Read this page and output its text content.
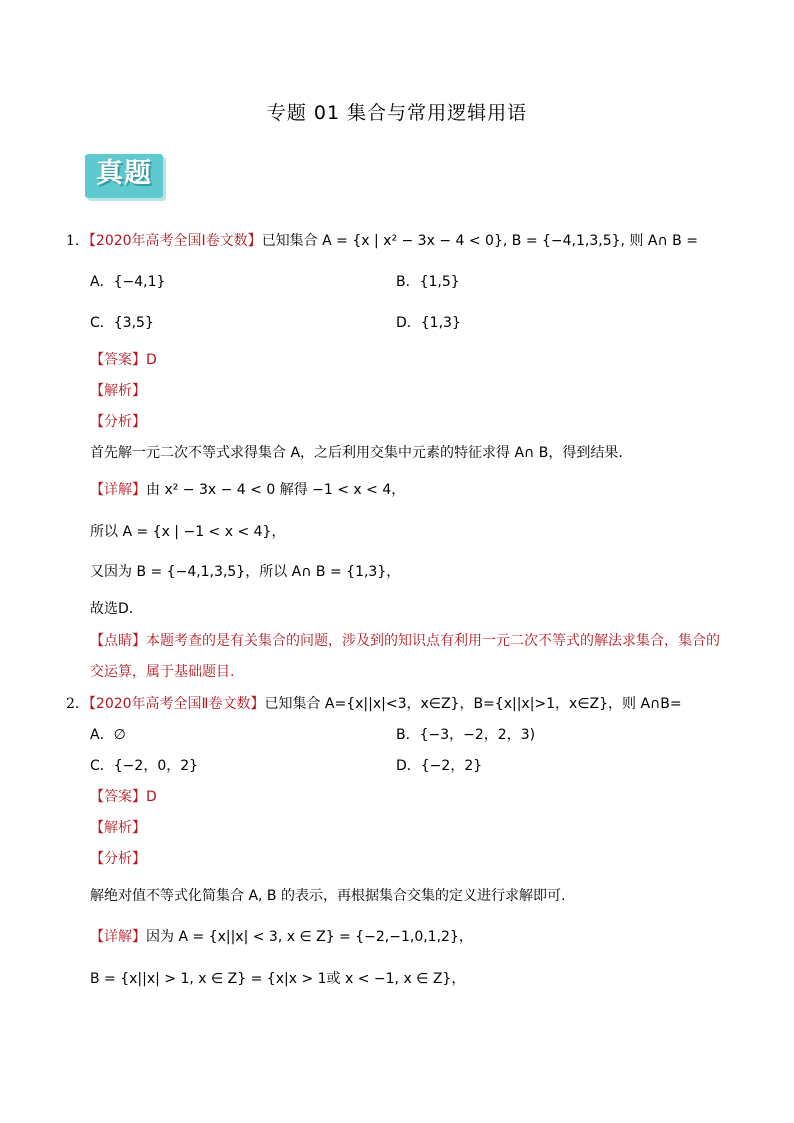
专题 01 集合与常用逻辑用语
真题
1．【2020年高考全国Ⅰ卷文数】已知集合 A = {x | x² − 3x − 4 < 0}, B = {−4,1,3,5}, 则 A∩ B =
A．{−4,1}	B．{1,5}
C．{3,5}	D．{1,3}
【答案】D
【解析】
【分析】
首先解一元二次不等式求得集合 A，之后利用交集中元素的特征求得 A∩ B，得到结果.
【详解】由 x² − 3x − 4 < 0 解得 −1 < x < 4，
所以 A = {x | −1 < x < 4}，
又因为 B = {−4,1,3,5}，所以 A∩ B = {1,3}，
故选D．
【点睛】本题考查的是有关集合的问题，涉及到的知识点有利用一元二次不等式的解法求集合，集合的
交运算，属于基础题目.
2．【2020年高考全国Ⅱ卷文数】已知集合 A={x||x|<3，x∈Z}，B={x||x|>1，x∈Z}，则 A∩B=
A．∅	B．{−3，−2，2，3)
C．{−2，0，2}	D．{−2，2}
【答案】D
【解析】
【分析】
解绝对值不等式化简集合 A, B 的表示，再根据集合交集的定义进行求解即可.
【详解】因为 A = {x||x| < 3, x ∈ Z} = {−2,−1,0,1,2}，
B = {x||x| > 1, x ∈ Z} = {x|x > 1或 x < −1, x ∈ Z}，
